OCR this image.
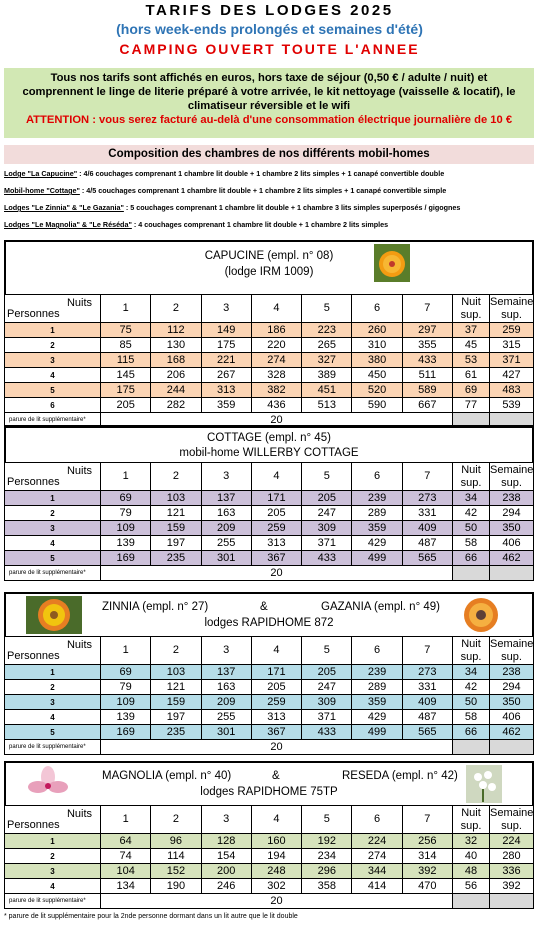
TARIFS DES LODGES 2025
(hors week-ends prolongés et semaines d'été)
CAMPING OUVERT TOUTE L'ANNEE
Tous nos tarifs sont affichés en euros, hors taxe de séjour (0,50 € / adulte / nuit) et
comprennent le linge de literie préparé à votre arrivée, le kit nettoyage (vaisselle & locatif), le
climatiseur réversible et le wifi
ATTENTION : vous serez facturé au-delà d'une consommation électrique journalière de 10 €
Composition des chambres de nos différents mobil-homes
Lodge "La Capucine" : 4/6 couchages comprenant 1 chambre lit double + 1 chambre 2 lits simples + 1 canapé convertible double
Mobil-home "Cottage" : 4/5 couchages comprenant 1 chambre lit double + 1 chambre 2 lits simples + 1 canapé convertible simple
Lodges "Le Zinnia" & "Le Gazania" : 5 couchages comprenant 1 chambre lit double + 1 chambre 3 lits simples superposés / gigognes
Lodges "Le Magnolia" & "Le Réséda" : 4 couchages comprenant 1 chambre lit double + 1 chambre 2 lits simples
CAPUCINE (empl. n° 08)
(lodge IRM 1009)
Nuits
Personnes	1	2	3	4	5	6	7	Nuit
sup.	Semaine
sup.
1	75	112	149	186	223	260	297	37	259
2	85	130	175	220	265	310	355	45	315
3	115	168	221	274	327	380	433	53	371
4	145	206	267	328	389	450	511	61	427
5	175	244	313	382	451	520	589	69	483
6	205	282	359	436	513	590	667	77	539
parure de lit supplémentaire*	20								
COTTAGE (empl. n° 45)
mobil-home WILLERBY COTTAGE
Nuits
Personnes	1	2	3	4	5	6	7	Nuit
sup.	Semaine
sup.
1	69	103	137	171	205	239	273	34	238
2	79	121	163	205	247	289	331	42	294
3	109	159	209	259	309	359	409	50	350
4	139	197	255	313	371	429	487	58	406
5	169	235	301	367	433	499	565	66	462
parure de lit supplémentaire*	20								
ZINNIA (empl. n° 27)	&	GAZANIA (empl. n° 49)
lodges RAPIDHOME 872
Nuits
Personnes	1	2	3	4	5	6	7	Nuit
sup.	Semaine
sup.
1	69	103	137	171	205	239	273	34	238
2	79	121	163	205	247	289	331	42	294
3	109	159	209	259	309	359	409	50	350
4	139	197	255	313	371	429	487	58	406
5	169	235	301	367	433	499	565	66	462
parure de lit supplémentaire*	20								
MAGNOLIA (empl. n° 40)	&	RESEDA (empl. n° 42)
lodges RAPIDHOME 75TP
Nuits
Personnes	1	2	3	4	5	6	7	Nuit
sup.	Semaine
sup.
1	64	96	128	160	192	224	256	32	224
2	74	114	154	194	234	274	314	40	280
3	104	152	200	248	296	344	392	48	336
4	134	190	246	302	358	414	470	56	392
parure de lit supplémentaire*	20								
* parure de lit supplémentaire pour la 2nde personne dormant dans un lit autre que le lit double
